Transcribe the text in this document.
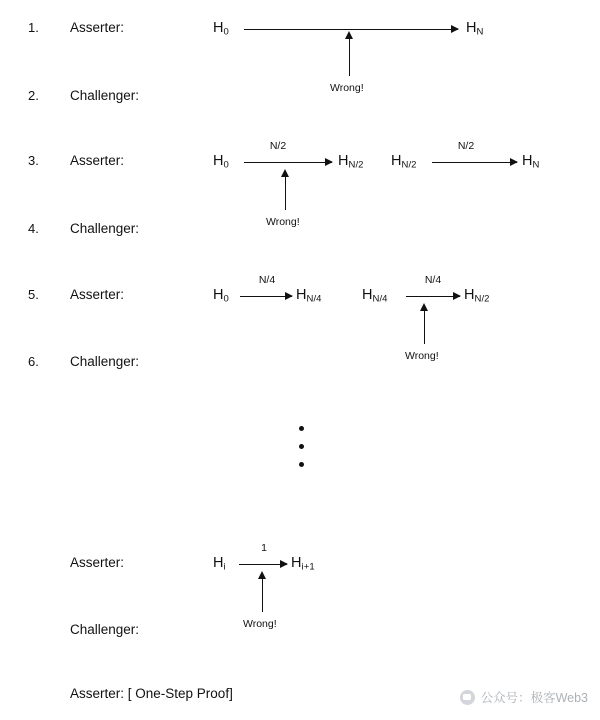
1. Asserter:	$H_0$	$H_N$
Wrong!
2. Challenger:
3. Asserter:	$H_0$
N/2
$H_{N/2}$ $H_{N/2}$
N/2
$H_N$
Wrong!
4. Challenger:
5. Asserter:	$H_0$
N/4
$H_{N/4}$	$H_{N/4}$
N/4
$H_{N/2}$
Wrong!
6. Challenger:
Asserter:	$H_i$
1
$H_{i+1}$
Wrong!
Challenger:
Asserter: [ One-Step Proof]	公众号：极客Web3
